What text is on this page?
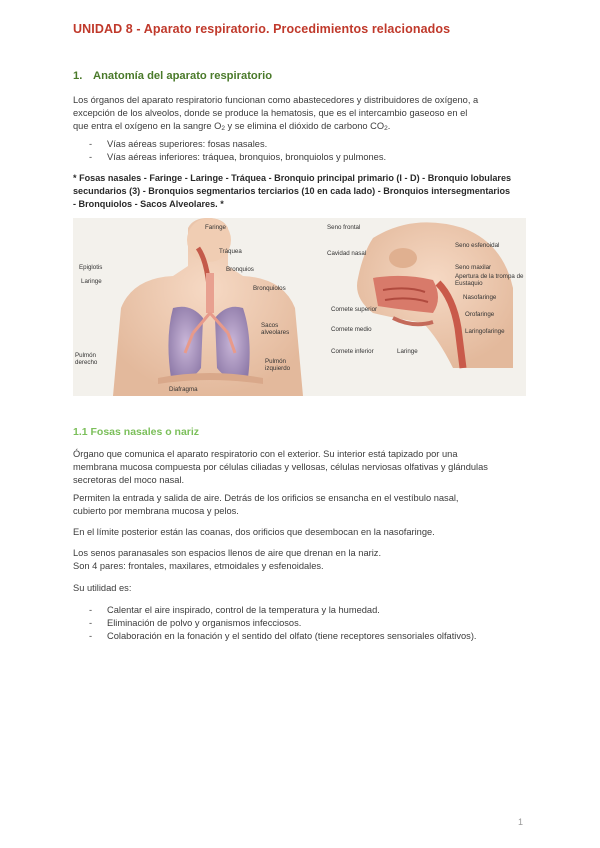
UNIDAD 8 - Aparato respiratorio. Procedimientos relacionados
1. Anatomía del aparato respiratorio
Los órganos del aparato respiratorio funcionan como abastecedores y distribuidores de oxígeno, a
excepción de los alveolos, donde se produce la hematosis, que es el intercambio gaseoso en el
que entra el oxígeno en la sangre O2 y se elimina el dióxido de carbono CO2.
- Vías aéreas superiores: fosas nasales.
- Vías aéreas inferiores: tráquea, bronquios, bronquiolos y pulmones.
* Fosas nasales - Faringe - Laringe - Tráquea - Bronquio principal primario (I - D) - Bronquio lobulares
secundarios (3) - Bronquios segmentarios terciarios (10 en cada lado) - Bronquios intersegmentarios
- Bronquiolos - Sacos Alveolares. *
Faringe
Tráquea
Epiglotis
Laringe
Bronquios
Bronquiolos
Sacos alveolares
Pulmón derecho	Pulmón izquierdo
Diafragma
Seno frontal
Cavidad nasal
Seno esfenoidal
Seno maxilar
Apertura de la trompa de Eustaquio
Nasofaringe
Orofaringe
Laringofaringe
Cornete superior
Cornete medio
Cornete inferior	Laringe
1.1 Fosas nasales o nariz
Órgano que comunica el aparato respiratorio con el exterior. Su interior está tapizado por una
membrana mucosa compuesta por células ciliadas y vellosas, células nerviosas olfativas y glándulas
secretoras del moco nasal.
Permiten la entrada y salida de aire. Detrás de los orificios se ensancha en el vestíbulo nasal,
cubierto por membrana mucosa y pelos.
En el límite posterior están las coanas, dos orificios que desembocan en la nasofaringe.
Los senos paranasales son espacios llenos de aire que drenan en la nariz.
Son 4 pares: frontales, maxilares, etmoidales y esfenoidales.
Su utilidad es:
- Calentar el aire inspirado, control de la temperatura y la humedad.
- Eliminación de polvo y organismos infecciosos.
- Colaboración en la fonación y el sentido del olfato (tiene receptores sensoriales olfativos).
1
